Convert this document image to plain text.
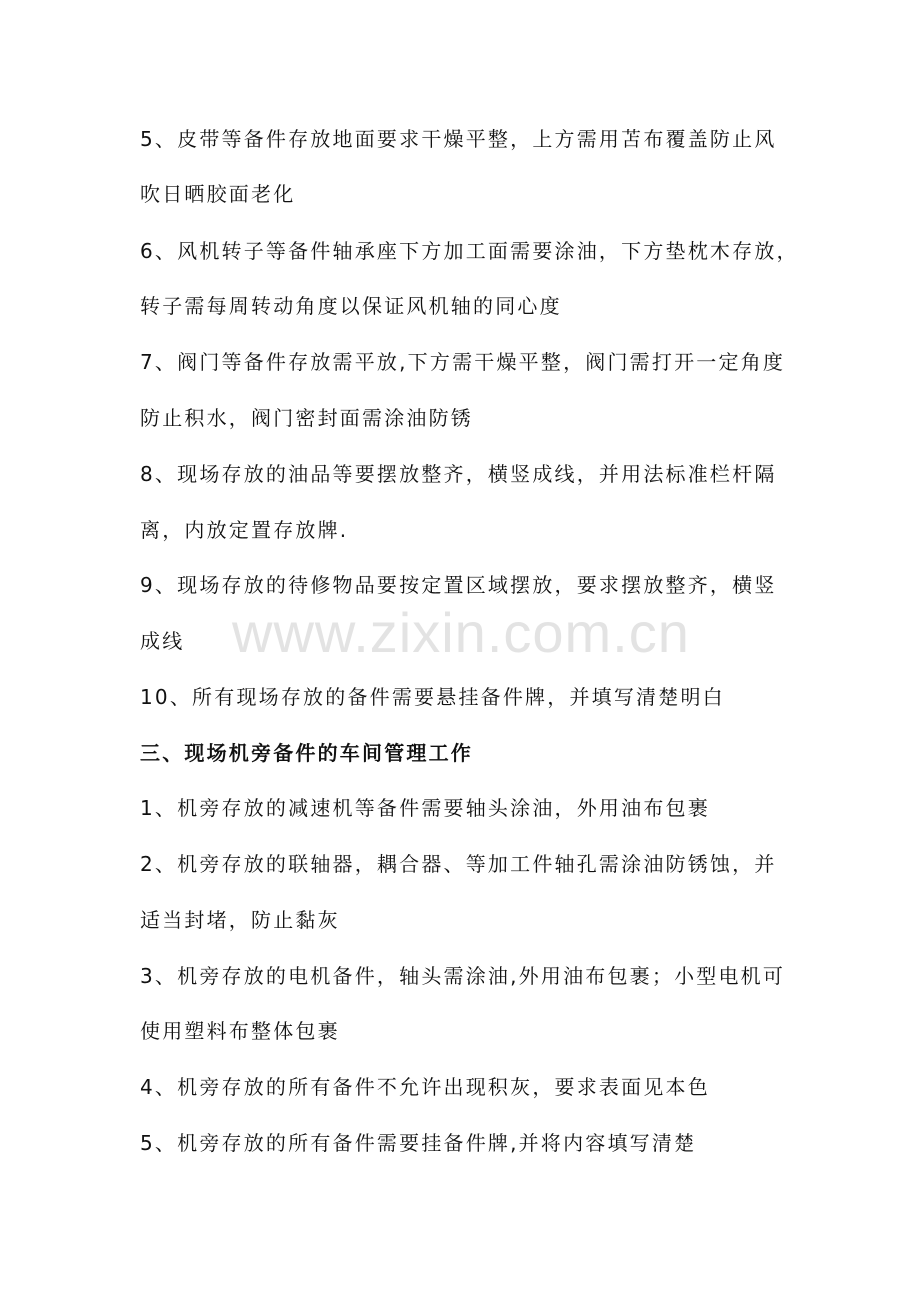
www.zixin.com.cn

5、皮带等备件存放地面要求干燥平整，上方需用苫布覆盖防止风

吹日晒胶面老化

6、风机转子等备件轴承座下方加工面需要涂油，下方垫枕木存放，

转子需每周转动角度以保证风机轴的同心度

7、阀门等备件存放需平放,下方需干燥平整，阀门需打开一定角度

防止积水，阀门密封面需涂油防锈

8、现场存放的油品等要摆放整齐，横竖成线，并用法标准栏杆隔

离，内放定置存放牌.

9、现场存放的待修物品要按定置区域摆放，要求摆放整齐，横竖

成线

10、所有现场存放的备件需要悬挂备件牌，并填写清楚明白

三、现场机旁备件的车间管理工作

1、机旁存放的减速机等备件需要轴头涂油，外用油布包裹

2、机旁存放的联轴器，耦合器、等加工件轴孔需涂油防锈蚀，并

适当封堵，防止黏灰

3、机旁存放的电机备件，轴头需涂油,外用油布包裹；小型电机可

使用塑料布整体包裹

4、机旁存放的所有备件不允许出现积灰，要求表面见本色

5、机旁存放的所有备件需要挂备件牌,并将内容填写清楚
